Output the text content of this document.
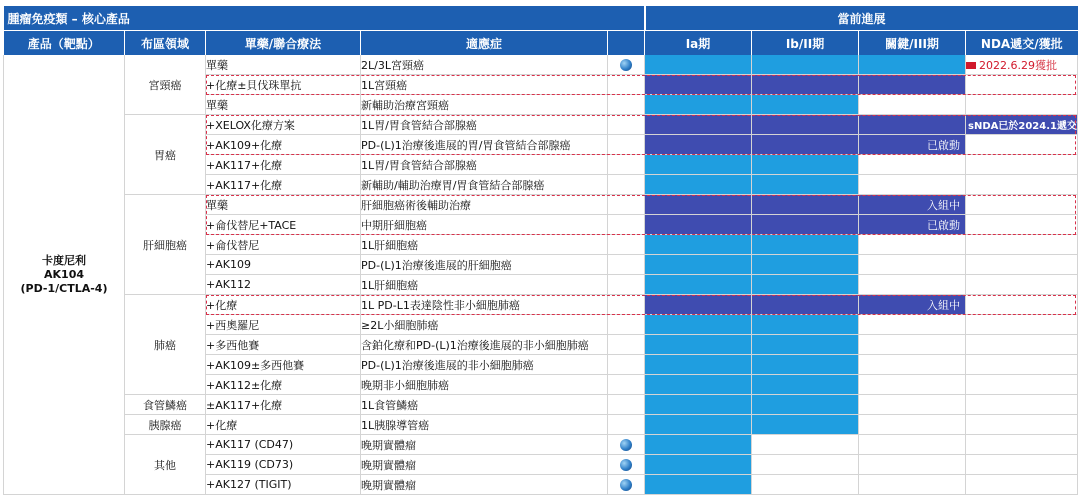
腫瘤免疫類 – 核心產品					當前進展			
產品（靶點）	布區領域	單藥/聯合療法	適應症		Ia期	Ib/II期	關鍵/III期	NDA遞交/獲批

卡度尼利
AK104
(PD-1/CTLA-4)	宮頸癌	單藥	2L/3L宮頸癌					2022.6.29獲批
		+化療±貝伐珠單抗	1L宮頸癌					
		單藥	新輔助治療宮頸癌					
	胃癌	+XELOX化療方案	1L胃/胃食管結合部腺癌					sNDA已於2024.1遞交
		+AK109+化療	PD-(L)1治療後進展的胃/胃食管結合部腺癌				已啟動	
		+AK117+化療	1L胃/胃食管結合部腺癌					
		+AK117+化療	新輔助/輔助治療胃/胃食管結合部腺癌					
	肝細胞癌	單藥	肝細胞癌術後輔助治療				入組中	
		+侖伐替尼+TACE	中期肝細胞癌				已啟動	
		+侖伐替尼	1L肝細胞癌					
		+AK109	PD-(L)1治療後進展的肝細胞癌					
		+AK112	1L肝細胞癌					
	肺癌	+化療	1L PD-L1表達陰性非小細胞肺癌				入組中	
		+西奧羅尼	≥2L小細胞肺癌					
		+多西他賽	含鉑化療和PD-(L)1治療後進展的非小細胞肺癌					
		+AK109±多西他賽	PD-(L)1治療後進展的非小細胞肺癌					
		+AK112±化療	晚期非小細胞肺癌					
	食管鱗癌	±AK117+化療	1L食管鱗癌					
	胰腺癌	+化療	1L胰腺導管癌					
	其他	+AK117 (CD47)	晚期實體瘤					
		+AK119 (CD73)	晚期實體瘤					
		+AK127 (TIGIT)	晚期實體瘤					
